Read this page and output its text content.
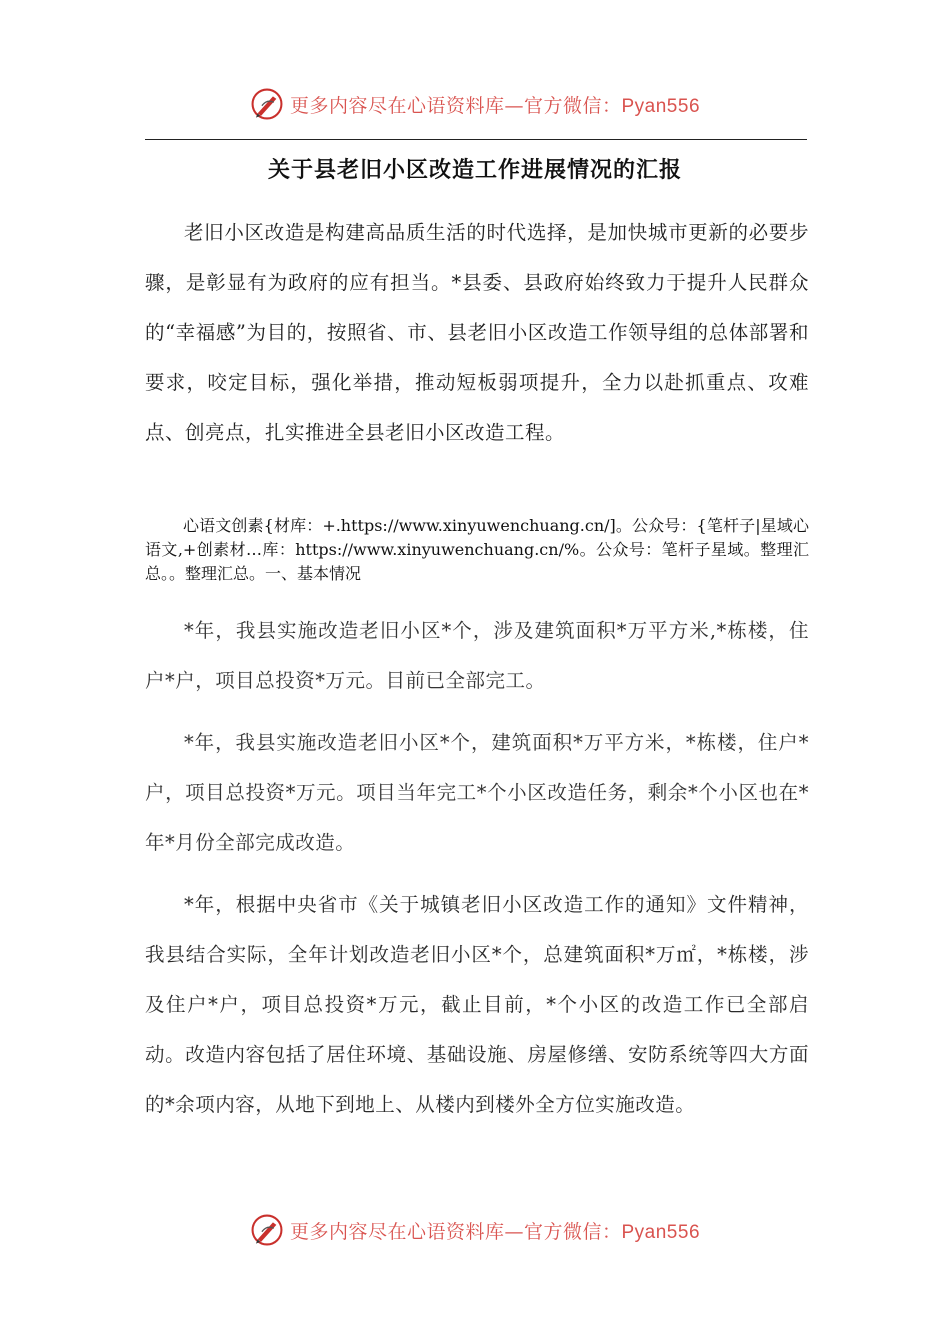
更多内容尽在心语资料库—官方微信：Pyan556
关于县老旧小区改造工作进展情况的汇报

老旧小区改造是构建高品质生活的时代选择，是加快城市更新的必要步骤，是彰显有为政府的应有担当。*县委、县政府始终致力于提升人民群众的“幸福感”为目的，按照省、市、县老旧小区改造工作领导组的总体部署和要求，咬定目标，强化举措，推动短板弱项提升，全力以赴抓重点、攻难点、创亮点，扎实推进全县老旧小区改造工程。

心语文创素{材库：+.https://www.xinyuwenchuang.cn/]。公众号：{笔杆子|星域心语文,+创素材…库：https://www.xinyuwenchuang.cn/%。公众号：笔杆子星域。整理汇总。。整理汇总。一、基本情况

*年，我县实施改造老旧小区*个，涉及建筑面积*万平方米,*栋楼，住户*户，项目总投资*万元。目前已全部完工。

*年，我县实施改造老旧小区*个，建筑面积*万平方米，*栋楼，住户*户，项目总投资*万元。项目当年完工*个小区改造任务，剩余*个小区也在*年*月份全部完成改造。

*年，根据中央省市《关于城镇老旧小区改造工作的通知》文件精神，我县结合实际，全年计划改造老旧小区*个，总建筑面积*万㎡，*栋楼，涉及住户*户，项目总投资*万元，截止目前，*个小区的改造工作已全部启动。改造内容包括了居住环境、基础设施、房屋修缮、安防系统等四大方面的*余项内容，从地下到地上、从楼内到楼外全方位实施改造。

更多内容尽在心语资料库—官方微信：Pyan556
